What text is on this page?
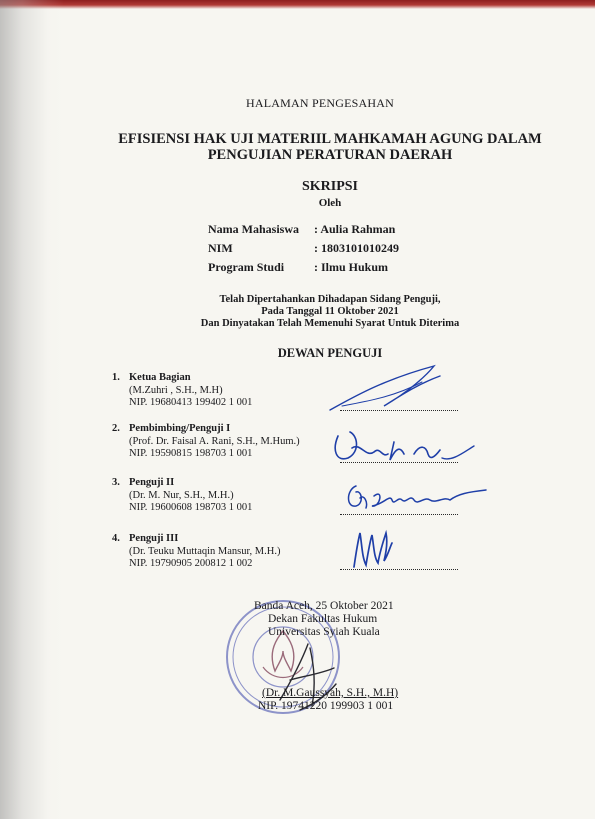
HALAMAN PENGESAHAN
EFISIENSI HAK UJI MATERIIL MAHKAMAH AGUNG DALAM
PENGUJIAN PERATURAN DAERAH
SKRIPSI
Oleh
Nama Mahasiswa : Aulia Rahman
NIM	: 1803101010249
Program Studi : Ilmu Hukum
Telah Dipertahankan Dihadapan Sidang Penguji,
Pada Tanggal 11 Oktober 2021
Dan Dinyatakan Telah Memenuhi Syarat Untuk Diterima
DEWAN PENGUJI
1. Ketua Bagian
(M.Zuhri , S.H., M.H)
NIP. 19680413 199402 1 001
2. Pembimbing/Penguji I
(Prof. Dr. Faisal A. Rani, S.H., M.Hum.)
NIP. 19590815 198703 1 001
3. Penguji II
(Dr. M. Nur, S.H., M.H.)
NIP. 19600608 198703 1 001
4. Penguji III
(Dr. Teuku Muttaqin Mansur, M.H.)
NIP. 19790905 200812 1 002
Banda Aceh, 25 Oktober 2021
Dekan Fakultas Hukum
Universitas Syiah Kuala
(Dr. M.Gaussyah, S.H., M.H)
NIP. 19741220 199903 1 001
